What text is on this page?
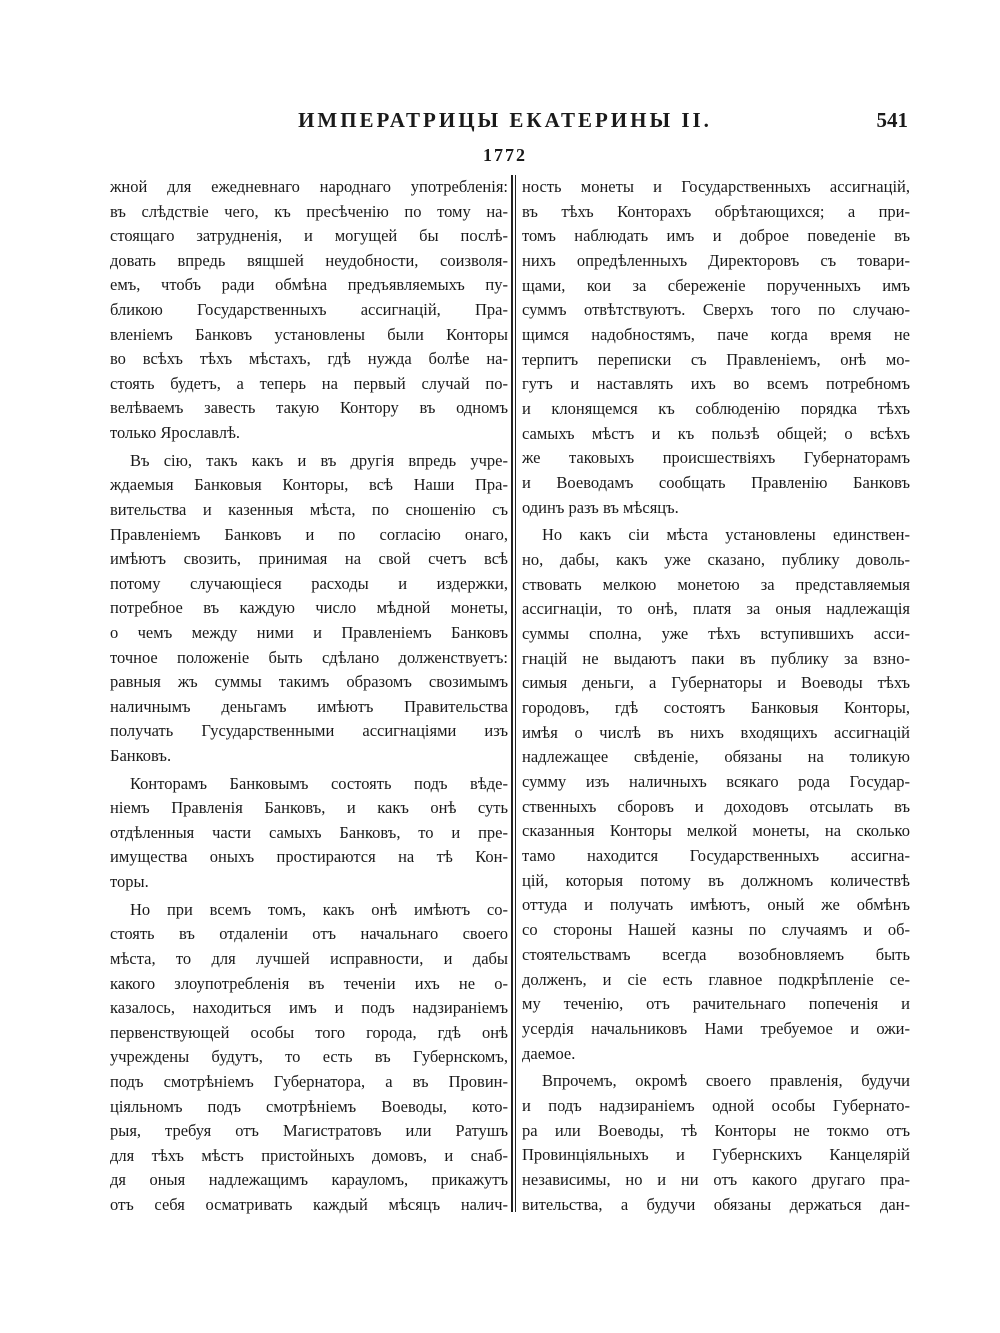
ИМПЕРАТРИЦЫ ЕКАТЕРИНЫ II.	541
1772
жной для ежедневнаго народнаго употребленія:
въ слѣдствіе чего, къ пресѣченію по тому на-
стоящаго затрудненія, и могущей бы послѣ-
довать впредь вящшей неудобности, соизволя-
емъ, чтобъ ради обмѣна предъявляемыхъ пу-
бликою Государственныхъ ассигнацій, Пра-
вленіемъ Банковъ установлены были Конторы
во всѣхъ тѣхъ мѣстахъ, гдѣ нужда болѣе на-
стоять будетъ, а теперь на первый случай по-
велѣваемъ завесть такую Контору въ одномъ
только Ярославлѣ.
Въ сію, такъ какъ и въ другія впредь учре-
ждаемыя Банковыя Конторы, всѣ Наши Пра-
вительства и казенныя мѣста, по сношенію съ
Правленіемъ Банковъ и по согласію онаго,
имѣютъ свозить, принимая на свой счетъ всѣ
потому случающіеся расходы и издержки,
потребное въ каждую число мѣдной монеты,
о чемъ между ними и Правленіемъ Банковъ
точное положеніе быть сдѣлано долженствуетъ:
равныя жъ суммы такимъ образомъ свозимымъ
наличнымъ деньгамъ имѣютъ Правительства
получать Гусударственными ассигнаціями изъ
Банковъ.
Конторамъ Банковымъ состоять подъ вѣде-
ніемъ Правленія Банковъ, и какъ онѣ суть
отдѣленныя части самыхъ Банковъ, то и пре-
имущества оныхъ простираются на тѣ Кон-
торы.
Но при всемъ томъ, какъ онѣ имѣютъ со-
стоять въ отдаленіи отъ начальнаго своего
мѣста, то для лучшей исправности, и дабы
какого злоупотребленія въ теченіи ихъ не о-
казалось, находиться имъ и подъ надзираніемъ
первенствующей особы того города, гдѣ онѣ
учреждены будутъ, то есть въ Губернскомъ,
подъ смотрѣніемъ Губернатора, а въ Провин-
ціяльномъ подъ смотрѣніемъ Воеводы, кото-
рыя, требуя отъ Магистратовъ или Ратушъ
для тѣхъ мѣстъ пристойныхъ домовъ, и снаб-
дя оныя надлежащимъ карауломъ, прикажутъ
отъ себя осматривать каждый мѣсяцъ налич-
ность монеты и Государственныхъ ассигнацій,
въ тѣхъ Конторахъ обрѣтающихся; а при-
томъ наблюдать имъ и доброе поведеніе въ
нихъ опредѣленныхъ Директоровъ съ товари-
щами, кои за сбереженіе порученныхъ имъ
суммъ отвѣтствуютъ. Сверхъ того по случаю-
щимся надобностямъ, паче когда время не
терпитъ переписки съ Правленіемъ, онѣ мо-
гутъ и наставлять ихъ во всемъ потребномъ
и клонящемся къ соблюденію порядка тѣхъ
самыхъ мѣстъ и къ пользѣ общей; о всѣхъ
же таковыхъ происшествіяхъ Губернаторамъ
и Воеводамъ сообщать Правленію Банковъ
одинъ разъ въ мѣсяцъ.
Но какъ сіи мѣста установлены единствен-
но, дабы, какъ уже сказано, публику доволь-
ствовать мелкою монетою за представляемыя
ассигнаціи, то онѣ, платя за оныя надлежащія
суммы сполна, уже тѣхъ вступившихъ асси-
гнацій не выдаютъ паки въ публику за взно-
симыя деньги, а Губернаторы и Воеводы тѣхъ
городовъ, гдѣ состоятъ Банковыя Конторы,
имѣя о числѣ въ нихъ входящихъ ассигнацій
надлежащее свѣденіе, обязаны на толикую
сумму изъ наличныхъ всякаго рода Государ-
ственныхъ сборовъ и доходовъ отсылать въ
сказанныя Конторы мелкой монеты, на сколько
тамо находится Государственныхъ ассигна-
цій, которыя потому въ должномъ количествѣ
оттуда и получать имѣютъ, оный же обмѣнъ
со стороны Нашей казны по случаямъ и об-
стоятельствамъ всегда возобновляемъ быть
долженъ, и сіе есть главное подкрѣпленіе се-
му теченію, отъ рачительнаго попеченія и
усердія начальниковъ Нами требуемое и ожи-
даемое.
Впрочемъ, окромѣ своего правленія, будучи
и подъ надзираніемъ одной особы Губернато-
ра или Воеводы, тѣ Конторы не токмо отъ
Провинціяльныхъ и Губернскихъ Канцелярій
независимы, но и ни отъ какого другаго пра-
вительства, а будучи обязаны держаться дан-
